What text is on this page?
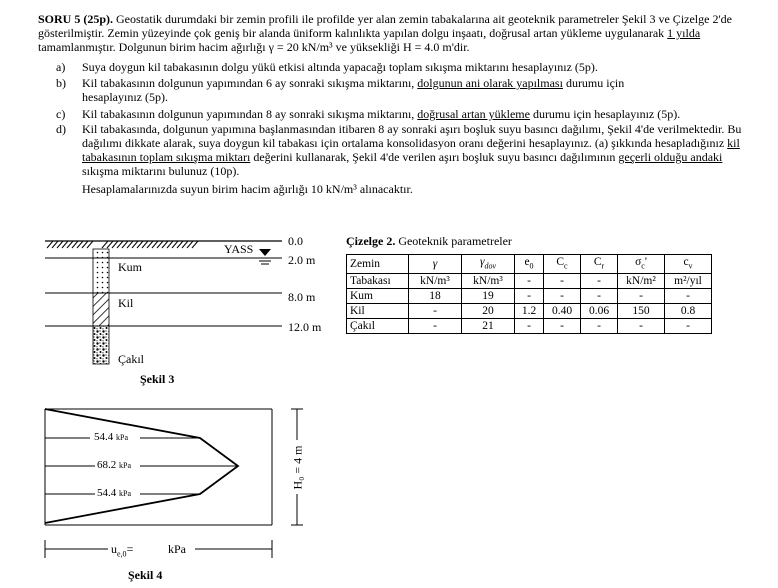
SORU 5 (25p). Geostatik durumdaki bir zemin profili ile profilde yer alan zemin tabakalarına ait geoteknik parametreler Şekil 3 ve Çizelge 2'de gösterilmiştir. Zemin yüzeyinde çok geniş bir alanda üniform kalınlıkta yapılan dolgu inşaatı, doğrusal artan yükleme uygulanarak 1 yılda tamamlanmıştır. Dolgunun birim hacim ağırlığı γ = 20 kN/m³ ve yüksekliği H = 4.0 m'dir.
a) Suya doygun kil tabakasının dolgu yükü etkisi altında yapacağı toplam sıkışma miktarını hesaplayınız (5p).
b) Kil tabakasının dolgunun yapımından 6 ay sonraki sıkışma miktarını, dolgunun ani olarak yapılması durumu için hesaplayınız (5p).
c) Kil tabakasının dolgunun yapımından 8 ay sonraki sıkışma miktarını, doğrusal artan yükleme durumu için hesaplayınız (5p).
d) Kil tabakasında, dolgunun yapımına başlanmasından itibaren 8 ay sonraki aşırı boşluk suyu basıncı dağılımı, Şekil 4'de verilmektedir. Bu dağılımı dikkate alarak, suya doygun kil tabakası için ortalama konsolidasyon oranı değerini hesaplayınız. (a) şıkkında hesapladığınız kil tabakasının toplam sıkışma miktarı değerini kullanarak, Şekil 4'de verilen aşırı boşluk suyu basıncı dağılımının geçerli olduğu andaki sıkışma miktarını bulunuz (10p).
Hesaplamalarınızda suyun birim hacim ağırlığı 10 kN/m³ alınacaktır.
YASS
Kum
Kil
Çakıl
0.0
2.0 m
8.0 m
12.0 m
Şekil 3
Çizelge 2. Geoteknik parametreler
Zemin	γ	$\gamma_{dov}$	$e_0$	$C_c$	$C_r$	$\sigma_c'$	$c_v$
Tabakası	kN/m³	kN/m³	-	-	-	kN/m²	m²/yıl
Kum	18	19	-	-	-	-	-
Kil	-	20	1.2	0.40	0.06	150	0.8
Çakıl	-	21	-	-	-	-	-
54.4 kPa
68.2 kPa
54.4 kPa
H₀ = 4 m
$u_{e,0}=$	kPa
Şekil 4
